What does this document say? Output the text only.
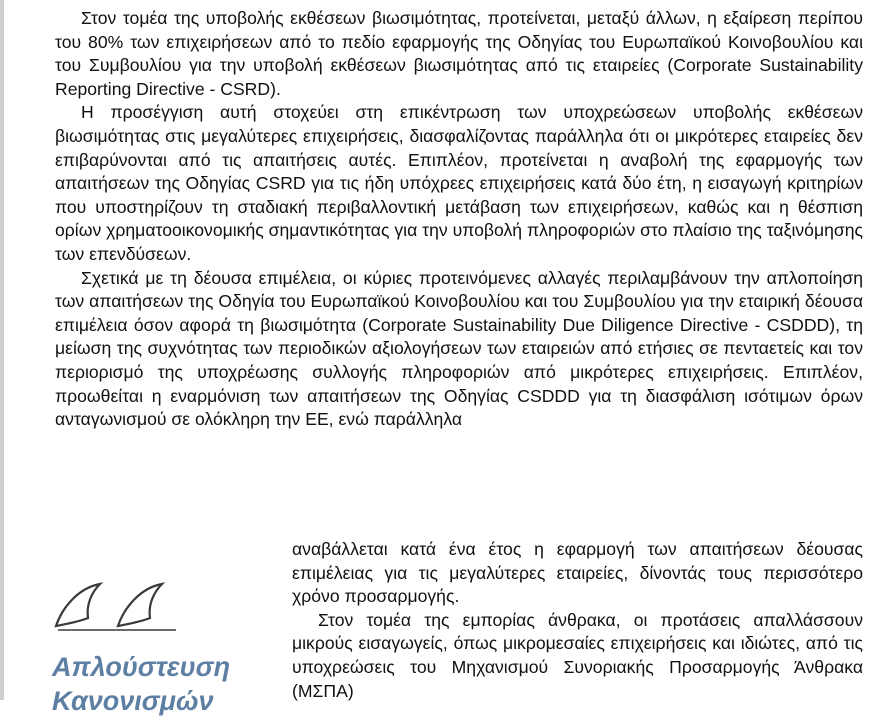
Στον τομέα της υποβολής εκθέσεων βιωσιμότητας, προτείνεται, μεταξύ άλλων, η εξαίρεση περίπου του 80% των επιχειρήσεων από το πεδίο εφαρμογής της Οδηγίας του Ευρωπαϊκού Κοινοβουλίου και του Συμβουλίου για την υποβολή εκθέσεων βιωσιμότητας από τις εταιρείες (Corporate Sustainability Reporting Directive - CSRD).

Η προσέγγιση αυτή στοχεύει στη επικέντρωση των υποχρεώσεων υποβολής εκθέσεων βιωσιμότητας στις μεγαλύτερες επιχειρήσεις, διασφαλίζοντας παράλληλα ότι οι μικρότερες εταιρείες δεν επιβαρύνονται από τις απαιτήσεις αυτές. Επιπλέον, προτείνεται η αναβολή της εφαρμογής των απαιτήσεων της Οδηγίας CSRD για τις ήδη υπόχρεες επιχειρήσεις κατά δύο έτη, η εισαγωγή κριτηρίων που υποστηρίζουν τη σταδιακή περιβαλλοντική μετάβαση των επιχειρήσεων, καθώς και η θέσπιση ορίων χρηματοοικονομικής σημαντικότητας για την υποβολή πληροφοριών στο πλαίσιο της ταξινόμησης των επενδύσεων.

Σχετικά με τη δέουσα επιμέλεια, οι κύριες προτεινόμενες αλλαγές περιλαμβάνουν την απλοποίηση των απαιτήσεων της Οδηγία του Ευρωπαϊκού Κοινοβουλίου και του Συμβουλίου για την εταιρική δέουσα επιμέλεια όσον αφορά τη βιωσιμότητα (Corporate Sustainability Due Diligence Directive - CSDDD), τη μείωση της συχνότητας των περιοδικών αξιολογήσεων των εταιρειών από ετήσιες σε πενταετείς και τον περιορισμό της υποχρέωσης συλλογής πληροφοριών από μικρότερες επιχειρήσεις. Επιπλέον, προωθείται η εναρμόνιση των απαιτήσεων της Οδηγίας CSDDD για τη διασφάλιση ισότιμων όρων ανταγωνισμού σε ολόκληρη την ΕΕ, ενώ παράλληλα

αναβάλλεται κατά ένα έτος η εφαρμογή των απαιτήσεων δέουσας επιμέλειας για τις μεγαλύτερες εταιρείες, δίνοντάς τους περισσότερο χρόνο προσαρμογής.

Στον τομέα της εμπορίας άνθρακα, οι προτάσεις απαλλάσσουν μικρούς εισαγωγείς, όπως μικρομεσαίες επιχειρήσεις και ιδιώτες, από τις υποχρεώσεις του Μηχανισμού Συνοριακής Προσαρμογής Άνθρακα (ΜΣΠΑ)

Απλούστευση
Κανονισμών
